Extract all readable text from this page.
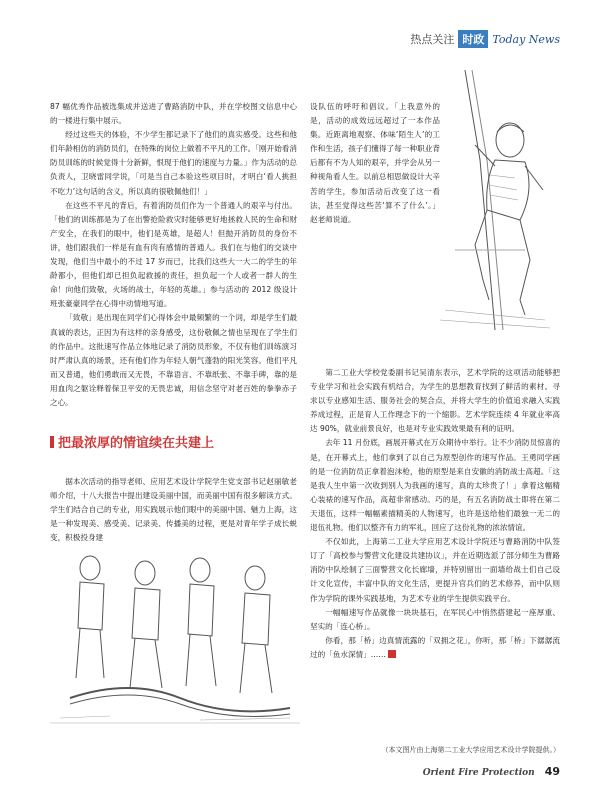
热点关注 时政 Today News

87 幅优秀作品被选集成并送进了曹路消防中队，并在学校图文信息中心的一楼进行集中展示。

经过这些天的体验，不少学生都记录下了他们的真实感受。这些和他们年龄相仿的消防员们，在特殊的岗位上做着不平凡的工作。「刚开始看消防员训练的时候觉得十分新鲜，恨现于他们的速度与力量。」作为活动的总负责人，卫晓雷同学说，「可是当自己本验这些项目时，才明白‘看人挑担不吃力’这句话的含义，所以真的很敬佩他们！」

在这些不平凡的背后，有着消防员们作为一个普通人的艰辛与付出。「他们的训练都是为了在出警抢险救灾时能够更好地拯救人民的生命和财产安全，在我们的眼中，他们是英雄，是超人！但抛开消防员的身份不讲，他们跟我们一样是有血有肉有感情的普通人。我们在与他们的交谈中发现，他们当中最小的不过 17 岁而已，比我们这些大一大二的学生的年龄都小，但他们却已担负起救援的责任，担负起一个人或者一群人的生命！向他们致敬，火场的战士，年轻的英雄。」参与活动的 2012 级设计班张豪豪同学在心得中动情地写道。

「致敬」是出现在同学们心得体会中最频繁的一个词，却是学生们最真诚的表达，正因为有这样的亲身感受，这份敬佩之情也呈现在了学生们的作品中。这批速写作品立体地记录了消防员形象，不仅有他们训练演习时严肃认真的场景，还有他们作为年轻人朝气蓬勃的阳光笑容。他们平凡而又普通，他们勇敢而又无畏，不靠语言、不靠纸张、不靠手碑，靠的是用血肉之躯诠释着保卫平安的无畏忠诚，用信念坚守对老百姓的拳拳赤子之心。

把最浓厚的情谊续在共建上

据本次活动的指导老师、应用艺术设计学院学生党支部书记赵丽敏老师介绍，十八大报告中提出建设美丽中国，而美丽中国有很多解读方式。学生们结合自己的专业，用实践展示他们眼中的美丽中国、魅力上海，这是一种发现美、感受美、记录美、传播美的过程，更是对青年学子成长蜕变，积极投身建

设队伍的呼吁和倡议。「上我意外的是，活动的成效远远超过了一本作品集。近距离地观察、体味‘陌生人’的工作和生活，孩子们懂得了每一种职业背后都有不为人知的艰辛，并学会从另一种视角看人生。以前总相思做设计大辛苦的学生，参加活动后改变了这一看法，甚至觉得这些苦‘算不了什么’。」赵老师说道。

第二工业大学校党委副书记吴清东表示，艺术学院的这项活动能够把专业学习和社会实践有机结合，为学生的思想教育找到了鲜活的素材。寻求以专业感知生活、服务社会的契合点，并将大学生的价值追求融入实践养成过程，正是育人工作理念下的一个缩影。艺术学院连续 4 年就业率高达 90%，就业前景良好，也是对专业实践效果最有利的证明。

去年 11 月份底，画展开幕式在万众期待中举行。让不少消防员惊喜的是，在开幕式上，他们拿到了以自己为原型创作的速写作品。王勇同学画的是一位消防员正拿着泡沫枪，他的原型是来自安徽的消防战士高超。「这是我人生中第一次收到别人为我画的速写，真的太珍贵了！」拿着这幅精心装裱的速写作品，高超非常感动。巧的是，有五名消防战士即将在第二天退伍，这样一幅幅素描精美的人物速写，也许是送给他们最独一无二的退伍礼物。他们以整齐有力的军礼，回应了这份礼物的浓浓情谊。

不仅如此，上海第二工业大学应用艺术设计学院还与曹路消防中队签订了「高校参与警营文化建设共建协议」，并在近期选派了部分师生为曹路消防中队绘制了三面警营文化长廊墙，并特别留出一面墙给战士们自己设计文化宣传，丰富中队的文化生活，更提升官兵们的艺术修养，而中队则作为学院的课外实践基地，为艺术专业的学生提供实践平台。

一幅幅速写作品就像一块块基石，在军民心中悄然搭建起一座厚重、坚实的「连心桥」。

你看，那「桥」边真情流露的「双拥之花」，你听，那「桥」下潺潺流过的「鱼水深情」……

（本文图片由上海第二工业大学应用艺术设计学院提供。）
Orient Fire Protection 49
